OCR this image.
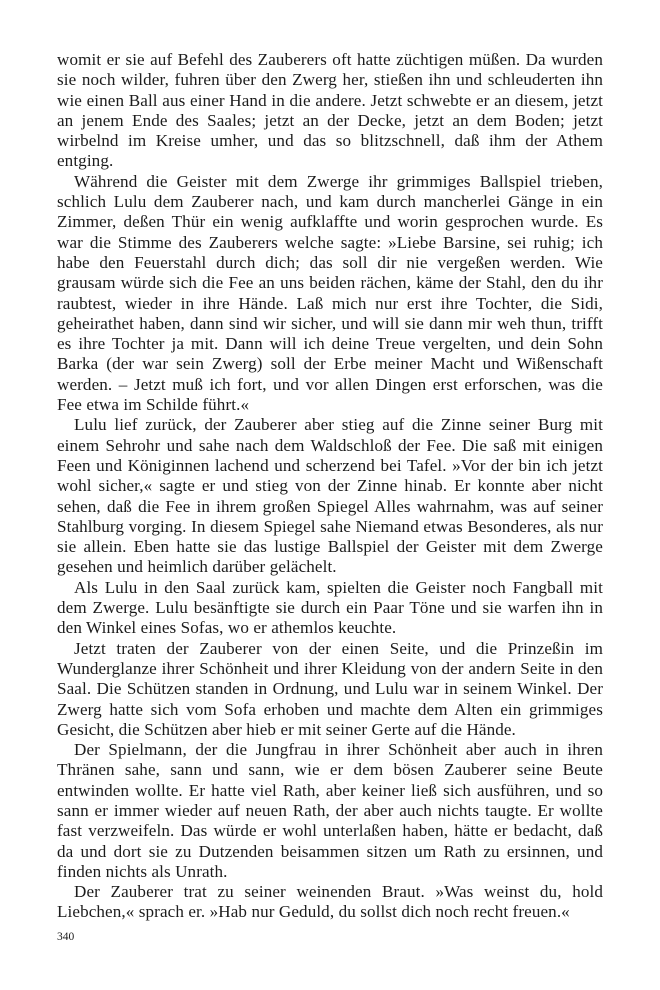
womit er sie auf Befehl des Zauberers oft hatte züchtigen müßen. Da wurden sie noch wilder, fuhren über den Zwerg her, stießen ihn und schleuderten ihn wie einen Ball aus einer Hand in die andere. Jetzt schwebte er an diesem, jetzt an jenem Ende des Saales; jetzt an der Decke, jetzt an dem Boden; jetzt wirbelnd im Kreise umher, und das so blitzschnell, daß ihm der Athem entging.

Während die Geister mit dem Zwerge ihr grimmiges Ballspiel trieben, schlich Lulu dem Zauberer nach, und kam durch mancherlei Gänge in ein Zimmer, deßen Thür ein wenig aufklaffte und worin gesprochen wurde. Es war die Stimme des Zauberers welche sagte: »Liebe Barsine, sei ruhig; ich habe den Feuerstahl durch dich; das soll dir nie vergeßen werden. Wie grausam würde sich die Fee an uns beiden rächen, käme der Stahl, den du ihr raubtest, wieder in ihre Hände. Laß mich nur erst ihre Tochter, die Sidi, geheirathet haben, dann sind wir sicher, und will sie dann mir weh thun, trifft es ihre Tochter ja mit. Dann will ich deine Treue vergelten, und dein Sohn Barka (der war sein Zwerg) soll der Erbe meiner Macht und Wißenschaft werden. – Jetzt muß ich fort, und vor allen Dingen erst erforschen, was die Fee etwa im Schilde führt.«

Lulu lief zurück, der Zauberer aber stieg auf die Zinne seiner Burg mit einem Sehrohr und sahe nach dem Waldschloß der Fee. Die saß mit einigen Feen und Königinnen lachend und scherzend bei Tafel. »Vor der bin ich jetzt wohl sicher,« sagte er und stieg von der Zinne hinab. Er konnte aber nicht sehen, daß die Fee in ihrem großen Spiegel Alles wahrnahm, was auf seiner Stahlburg vorging. In diesem Spiegel sahe Niemand etwas Besonderes, als nur sie allein. Eben hatte sie das lustige Ballspiel der Geister mit dem Zwerge gesehen und heimlich darüber gelächelt.

Als Lulu in den Saal zurück kam, spielten die Geister noch Fangball mit dem Zwerge. Lulu besänftigte sie durch ein Paar Töne und sie warfen ihn in den Winkel eines Sofas, wo er athemlos keuchte.

Jetzt traten der Zauberer von der einen Seite, und die Prinzeßin im Wunderglanze ihrer Schönheit und ihrer Kleidung von der andern Seite in den Saal. Die Schützen standen in Ordnung, und Lulu war in seinem Winkel. Der Zwerg hatte sich vom Sofa erhoben und machte dem Alten ein grimmiges Gesicht, die Schützen aber hieb er mit seiner Gerte auf die Hände.

Der Spielmann, der die Jungfrau in ihrer Schönheit aber auch in ihren Thränen sahe, sann und sann, wie er dem bösen Zauberer seine Beute entwinden wollte. Er hatte viel Rath, aber keiner ließ sich ausführen, und so sann er immer wieder auf neuen Rath, der aber auch nichts taugte. Er wollte fast verzweifeln. Das würde er wohl unterlaßen haben, hätte er bedacht, daß da und dort sie zu Dutzenden beisammen sitzen um Rath zu ersinnen, und finden nichts als Unrath.

Der Zauberer trat zu seiner weinenden Braut. »Was weinst du, hold Liebchen,« sprach er. »Hab nur Geduld, du sollst dich noch recht freuen.«

340
